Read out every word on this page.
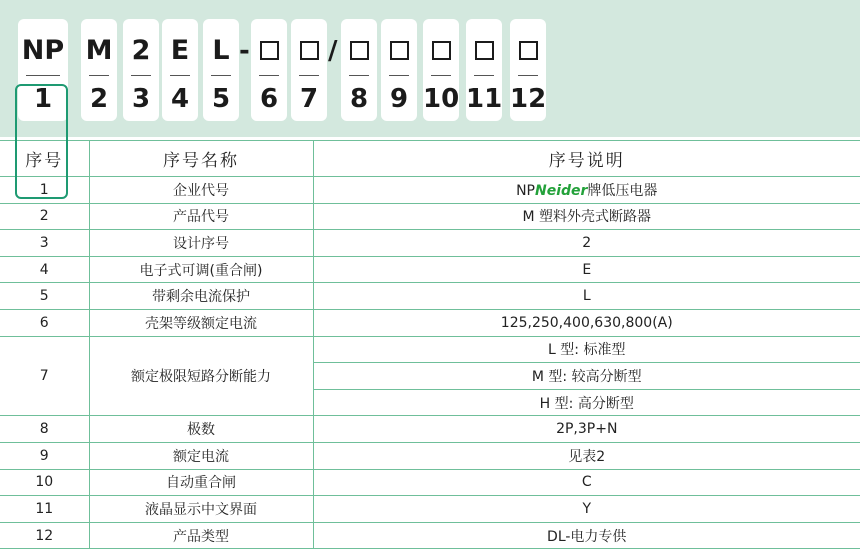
NP
1
M
2
2
3
E
4
L
5
-
6 7
/
8 9 10 11 12
序号	序号名称	序号说明
1	企业代号	NPNeider牌低压电器
2	产品代号	M 塑料外壳式断路器
3	设计序号	2
4	电子式可调(重合闸)	E
5	带剩余电流保护	L
6	壳架等级额定电流	125,250,400,630,800(A)
7	额定极限短路分断能力	L 型: 标准型
		M 型: 较高分断型
		H 型: 高分断型
8	极数	2P,3P+N
9	额定电流	见表2
10	自动重合闸	C
11	液晶显示中文界面	Y
12	产品类型	DL-电力专供
